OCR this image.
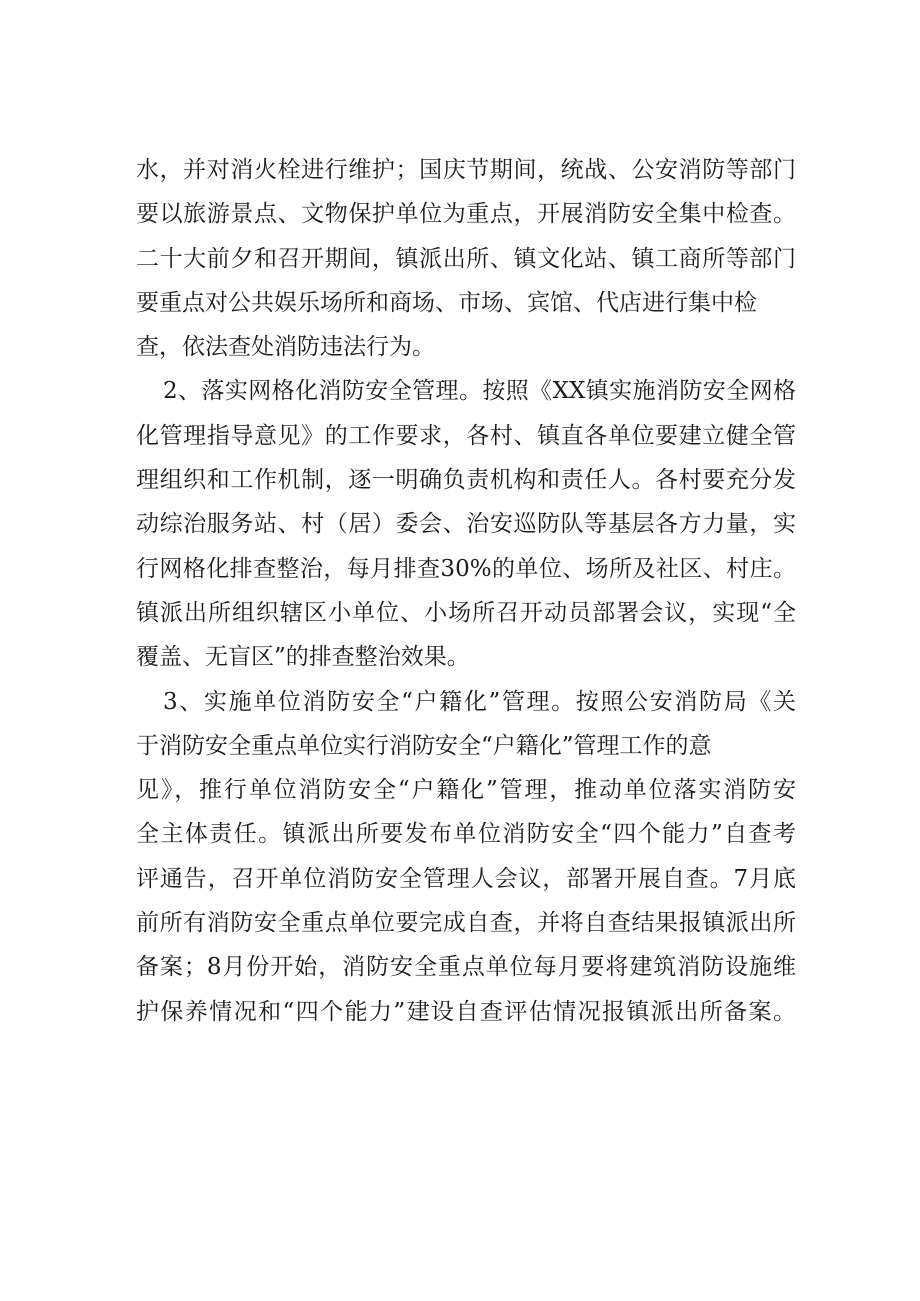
水，并对消火栓进行维护；国庆节期间，统战、公安消防等部门
要以旅游景点、文物保护单位为重点，开展消防安全集中检查。
二十大前夕和召开期间，镇派出所、镇文化站、镇工商所等部门
要重点对公共娱乐场所和商场、市场、宾馆、代店进行集中检
查，依法查处消防违法行为。
2、落实网格化消防安全管理。按照《XX镇实施消防安全网格
化管理指导意见》的工作要求，各村、镇直各单位要建立健全管
理组织和工作机制，逐一明确负责机构和责任人。各村要充分发
动综治服务站、村（居）委会、治安巡防队等基层各方力量，实
行网格化排查整治，每月排查30%的单位、场所及社区、村庄。
镇派出所组织辖区小单位、小场所召开动员部署会议，实现“全
覆盖、无盲区”的排查整治效果。
3、实施单位消防安全“户籍化”管理。按照公安消防局《关
于消防安全重点单位实行消防安全“户籍化”管理工作的意
见》，推行单位消防安全“户籍化”管理，推动单位落实消防安
全主体责任。镇派出所要发布单位消防安全“四个能力”自查考
评通告，召开单位消防安全管理人会议，部署开展自查。7月底
前所有消防安全重点单位要完成自查，并将自查结果报镇派出所
备案；8月份开始，消防安全重点单位每月要将建筑消防设施维
护保养情况和“四个能力”建设自查评估情况报镇派出所备案。
